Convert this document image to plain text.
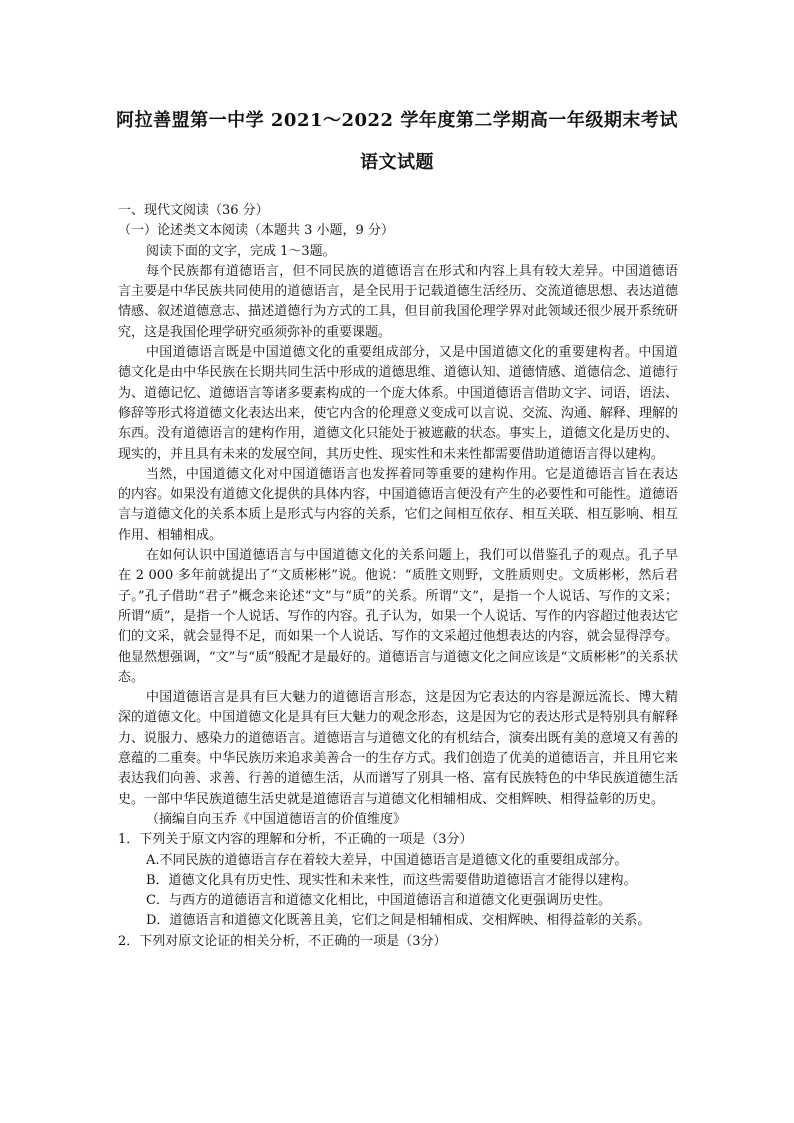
阿拉善盟第一中学 2021～2022 学年度第二学期高一年级期末考试
语文试题

一、现代文阅读（36 分）

（一）论述类文本阅读（本题共 3 小题，9 分）

阅读下面的文字，完成 1～3题。

每个民族都有道德语言，但不同民族的道德语言在形式和内容上具有较大差异。中国道德语言主要是中华民族共同使用的道德语言，是全民用于记载道德生活经历、交流道德思想、表达道德情感、叙述道德意志、描述道德行为方式的工具，但目前我国伦理学界对此领域还很少展开系统研究，这是我国伦理学研究亟须弥补的重要课题。

中国道德语言既是中国道德文化的重要组成部分，又是中国道德文化的重要建构者。中国道德文化是由中华民族在长期共同生活中形成的道德思维、道德认知、道德情感、道德信念、道德行为、道德记忆、道德语言等诸多要素构成的一个庞大体系。中国道德语言借助文字、词语，语法、修辞等形式将道德文化表达出来，使它内含的伦理意义变成可以言说、交流、沟通、解释、理解的东西。没有道德语言的建构作用，道德文化只能处于被遮蔽的状态。事实上，道德文化是历史的、现实的，并且具有未来的发展空间，其历史性、现实性和未来性都需要借助道德语言得以建构。

当然，中国道德文化对中国道德语言也发挥着同等重要的建构作用。它是道德语言旨在表达的内容。如果没有道德文化提供的具体内容，中国道德语言便没有产生的必要性和可能性。道德语言与道德文化的关系本质上是形式与内容的关系，它们之间相互依存、相互关联、相互影响、相互作用、相辅相成。

在如何认识中国道德语言与中国道德文化的关系问题上，我们可以借鉴孔子的观点。孔子早在 2 000 多年前就提出了“文质彬彬”说。他说：“质胜文则野，文胜质则史。文质彬彬，然后君子。”孔子借助“君子”概念来论述“文”与“质”的关系。所谓“文”，是指一个人说话、写作的文采；所谓“质”，是指一个人说话、写作的内容。孔子认为，如果一个人说话、写作的内容超过他表达它们的文采，就会显得不足，而如果一个人说话、写作的文采超过他想表达的内容，就会显得浮夸。他显然想强调，“文”与“质”般配才是最好的。道德语言与道德文化之间应该是“文质彬彬”的关系状态。

中国道德语言是具有巨大魅力的道德语言形态，这是因为它表达的内容是源远流长、博大精深的道德文化。中国道德文化是具有巨大魅力的观念形态，这是因为它的表达形式是特别具有解释力、说服力、感染力的道德语言。道德语言与道德文化的有机结合，演奏出既有美的意境又有善的意蕴的二重奏。中华民族历来追求美善合一的生存方式。我们创造了优美的道德语言，并且用它来表达我们向善、求善、行善的道德生活，从而谱写了别具一格、富有民族特色的中华民族道德生活史。一部中华民族道德生活史就是道德语言与道德文化相辅相成、交相辉映、相得益彰的历史。

（摘编自向玉乔《中国道德语言的价值维度》

1．下列关于原文内容的理解和分析，不正确的一项是（3分）

A.不同民族的道德语言存在着较大差异，中国道德语言是道德文化的重要组成部分。

B．道德文化具有历史性、现实性和未来性，而这些需要借助道德语言才能得以建构。

C．与西方的道德语言和道德文化相比，中国道德语言和道德文化更强调历史性。

D．道德语言和道德文化既善且美，它们之间是相辅相成、交相辉映、相得益彰的关系。

2．下列对原文论证的相关分析，不正确的一项是（3分）
